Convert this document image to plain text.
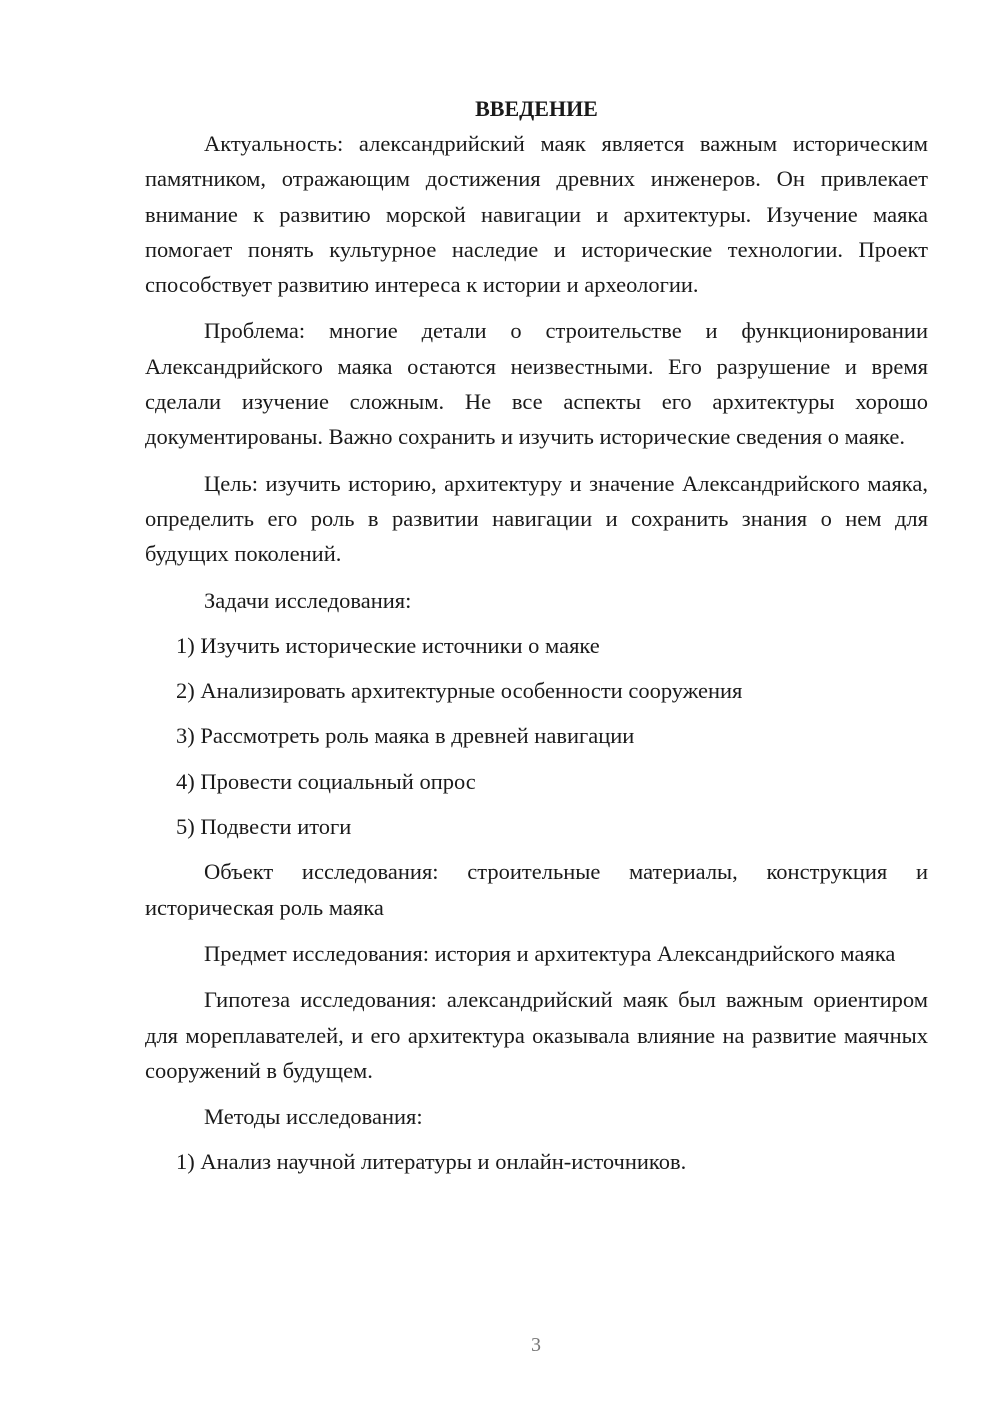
ВВЕДЕНИЕ

Актуальность: александрийский маяк является важным историческим памятником, отражающим достижения древних инженеров. Он привлекает внимание к развитию морской навигации и архитектуры. Изучение маяка помогает понять культурное наследие и исторические технологии. Проект способствует развитию интереса к истории и археологии.

Проблема: многие детали о строительстве и функционировании Александрийского маяка остаются неизвестными. Его разрушение и время сделали изучение сложным. Не все аспекты его архитектуры хорошо документированы. Важно сохранить и изучить исторические сведения о маяке.

Цель: изучить историю, архитектуру и значение Александрийского маяка, определить его роль в развитии навигации и сохранить знания о нем для будущих поколений.

Задачи исследования:
1) Изучить исторические источники о маяке
2) Анализировать архитектурные особенности сооружения
3) Рассмотреть роль маяка в древней навигации
4) Провести социальный опрос
5) Подвести итоги

Объект исследования: строительные материалы, конструкция и историческая роль маяка

Предмет исследования: история и архитектура Александрийского маяка

Гипотеза исследования: александрийский маяк был важным ориентиром для мореплавателей, и его архитектура оказывала влияние на развитие маячных сооружений в будущем.

Методы исследования:
1) Анализ научной литературы и онлайн-источников.
3
